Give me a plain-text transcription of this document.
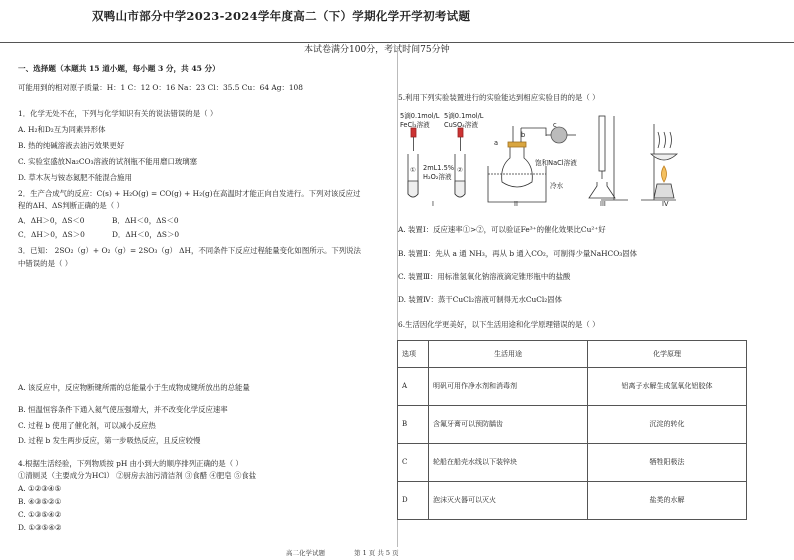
双鸭山市部分中学2023-2024学年度高二（下）学期化学开学初考试题
本试卷满分100分，考试时间75分钟
一、选择题（本题共 15 道小题，每小题 3 分，共 45 分）
可能用到的相对原子质量：H：1 C：12 O：16 Na：23 Cl：35.5 Cu：64 Ag：108
1．化学无处不在，下列与化学知识有关的说法错误的是（ ）
A. H₂和D₂互为同素异形体
B. 热的纯碱溶液去油污效果更好
C. 实验室盛放Na₂CO₃溶液的试剂瓶不能用磨口玻璃塞
D. 草木灰与铵态氮肥不能混合施用
2．生产合成气的反应：C(s) + H₂O(g) = CO(g) + H₂(g)在高温时才能正向自发进行。下列对该反应过
程的ΔH、ΔS判断正确的是（ ）
A．ΔH＞0，ΔS＜0	B．ΔH＜0，ΔS＜0
C．ΔH＞0，ΔS＞0	D．ΔH＜0，ΔS＞0
3．已知： 2SO₂（g）+ O₂（g）= 2SO₃（g） ΔH，不同条件下反应过程能量变化如图所示。下列说法
中错误的是（ ）
A. 该反应中，反应物断键所需的总能量小于生成物成键所放出的总能量
B. 恒温恒容条件下通入氦气使压强增大，并不改变化学反应速率
C. 过程 b 使用了催化剂，可以减小反应热
D. 过程 b 发生两步反应，第一步吸热反应，且反应较慢
4.根据生活经验，下列物质按 pH 由小到大的顺序排列正确的是（ ）
①清厕灵（主要成分为HCl） ②厨房去油污清洁剂 ③食醋 ④肥皂 ⑤食盐
A. ①②③④⑤
B. ④③⑤②①
C. ①③⑤④②
D. ①③⑤④②
5.利用下列实验装置进行的实验能达到相应实验目的的是（ ）
①	②
5滴0.1mol/L
FeCl₃溶液
5滴0.1mol/L
CuSO₄溶液
2mL1.5%
H₂O₂溶液
a
b
c
饱和NaCl溶液
冷水
I	II	III	IV
A. 装置Ⅰ：反应速率①>②，可以验证Fe³⁺的催化效果比Cu²⁺好
B. 装置Ⅱ：先从 a 通 NH₃，再从 b 通入CO₂，可制得少量NaHCO₃固体
C. 装置Ⅲ：用标准氢氧化钠溶液滴定锥形瓶中的盐酸
D. 装置Ⅳ：蒸干CuCl₂溶液可制得无水CuCl₂固体
6.生活因化学更美好，以下生活用途和化学原理错误的是（ ）
选项	生活用途	化学原理
A	明矾可用作净水剂和消毒剂	铝离子水解生成氢氧化铝胶体
B	含氟牙膏可以预防龋齿	沉淀的转化
C	轮船在船壳水线以下装锌块	牺牲阳极法
D	泡沫灭火器可以灭火	盐类的水解
高二化学试题	第 1 页 共 5 页
